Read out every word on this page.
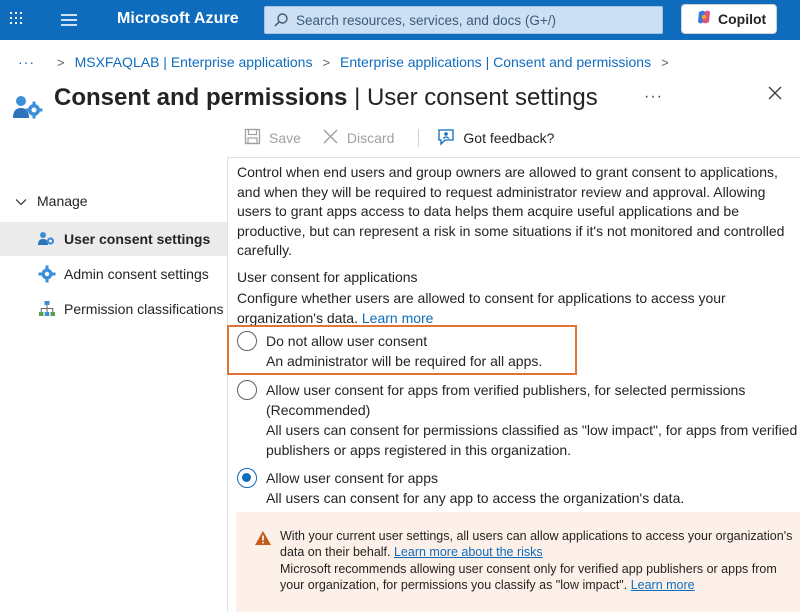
Microsoft Azure
Search resources, services, and docs (G+/)	Copilot
··· > MSXFAQLAB | Enterprise applications > Enterprise applications | Consent and permissions >
Consent and permissions | User consent settings	···
Save	Discard	Got feedback?
Manage
User consent settings
Admin consent settings
Permission classifications

Control when end users and group owners are allowed to grant consent to applications, and when they will be required to request administrator review and approval. Allowing users to grant apps access to data helps them acquire useful applications and be productive, but can represent a risk in some situations if it's not monitored and controlled carefully.

User consent for applications
Configure whether users are allowed to consent for applications to access your organization's data. Learn more
Do not allow user consent
An administrator will be required for all apps.
Allow user consent for apps from verified publishers, for selected permissions (Recommended)
All users can consent for permissions classified as "low impact", for apps from verified publishers or apps registered in this organization.
Allow user consent for apps
All users can consent for any app to access the organization's data.
With your current user settings, all users can allow applications to access your organization's data on their behalf. Learn more about the risks
Microsoft recommends allowing user consent only for verified app publishers or apps from your organization, for permissions you classify as "low impact". Learn more
